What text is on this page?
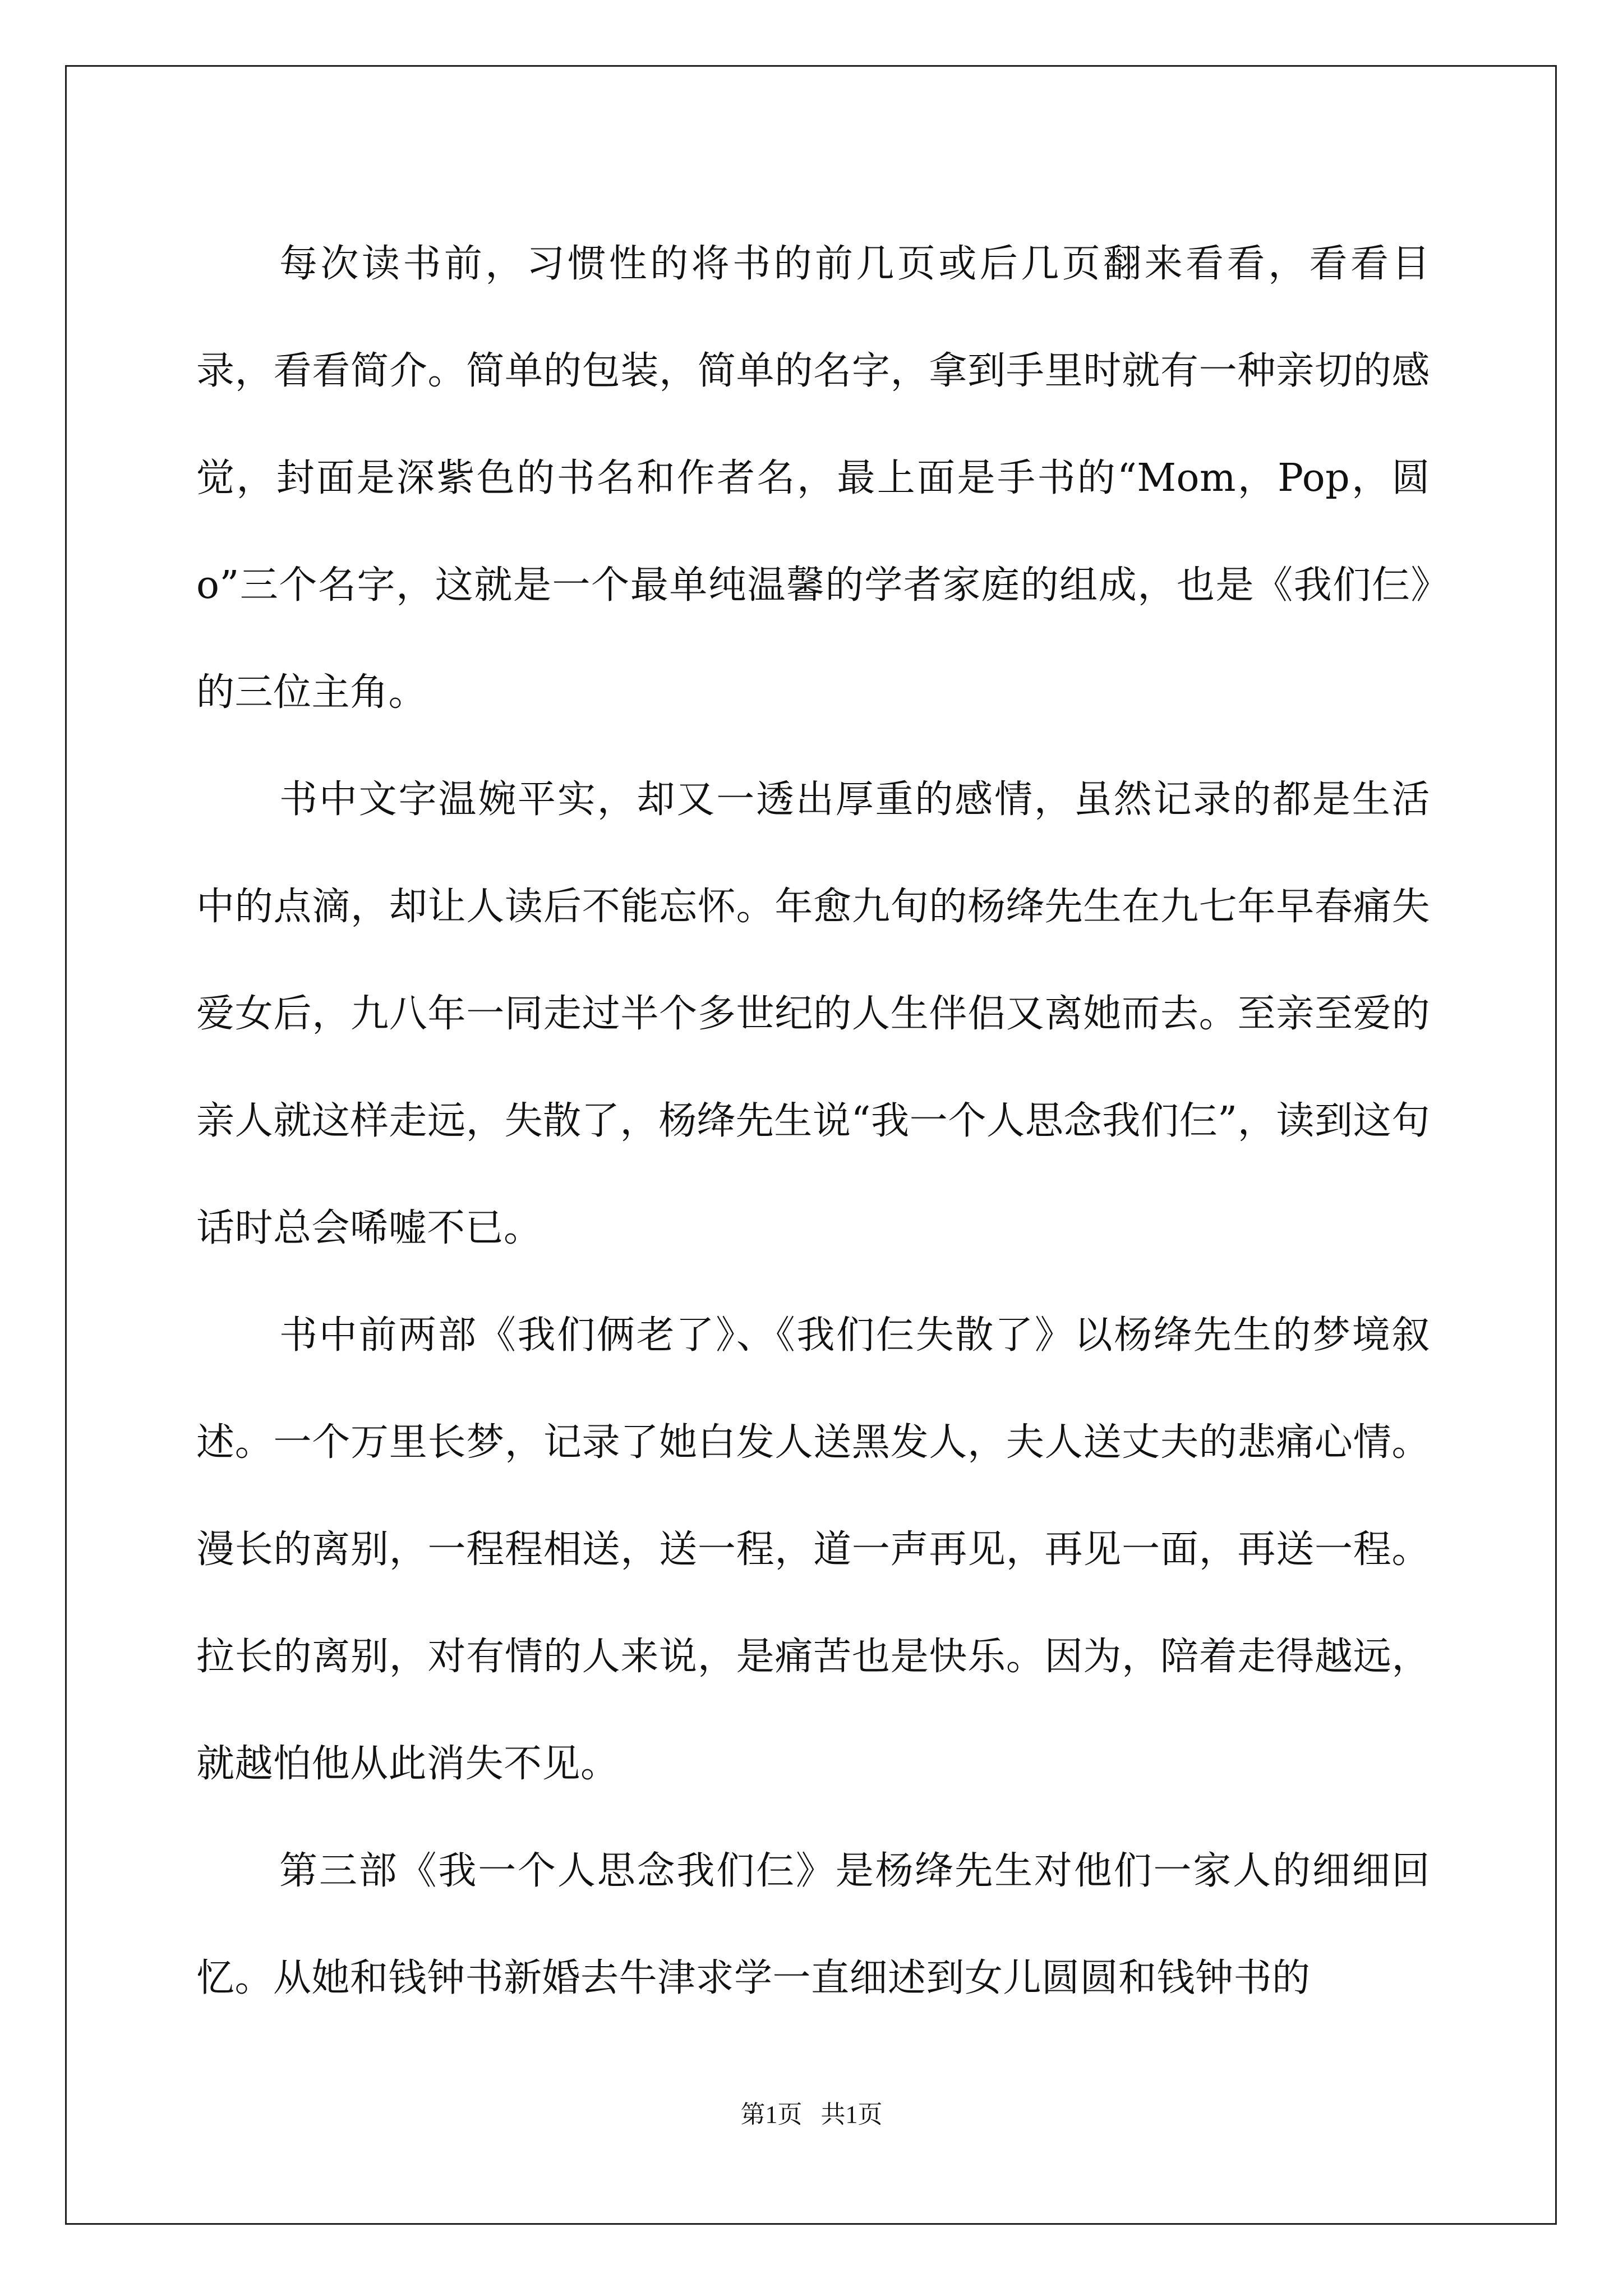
每次读书前，习惯性的将书的前几页或后几页翻来看看，看看目录，看看简介。简单的包装，简单的名字，拿到手里时就有一种亲切的感觉，封面是深紫色的书名和作者名，最上面是手书的“Mom，Pop，圆o”三个名字，这就是一个最单纯温馨的学者家庭的组成，也是《我们仨》的三位主角。

书中文字温婉平实，却又一透出厚重的感情，虽然记录的都是生活中的点滴，却让人读后不能忘怀。年愈九旬的杨绛先生在九七年早春痛失爱女后，九八年一同走过半个多世纪的人生伴侣又离她而去。至亲至爱的亲人就这样走远，失散了，杨绛先生说“我一个人思念我们仨”，读到这句话时总会唏嘘不已。

书中前两部《我们俩老了》、《我们仨失散了》以杨绛先生的梦境叙述。一个万里长梦，记录了她白发人送黑发人，夫人送丈夫的悲痛心情。漫长的离别，一程程相送，送一程，道一声再见，再见一面，再送一程。拉长的离别，对有情的人来说，是痛苦也是快乐。因为，陪着走得越远，就越怕他从此消失不见。

第三部《我一个人思念我们仨》是杨绛先生对他们一家人的细细回忆。从她和钱钟书新婚去牛津求学一直细述到女儿圆圆和钱钟书的

第1页 共1页
